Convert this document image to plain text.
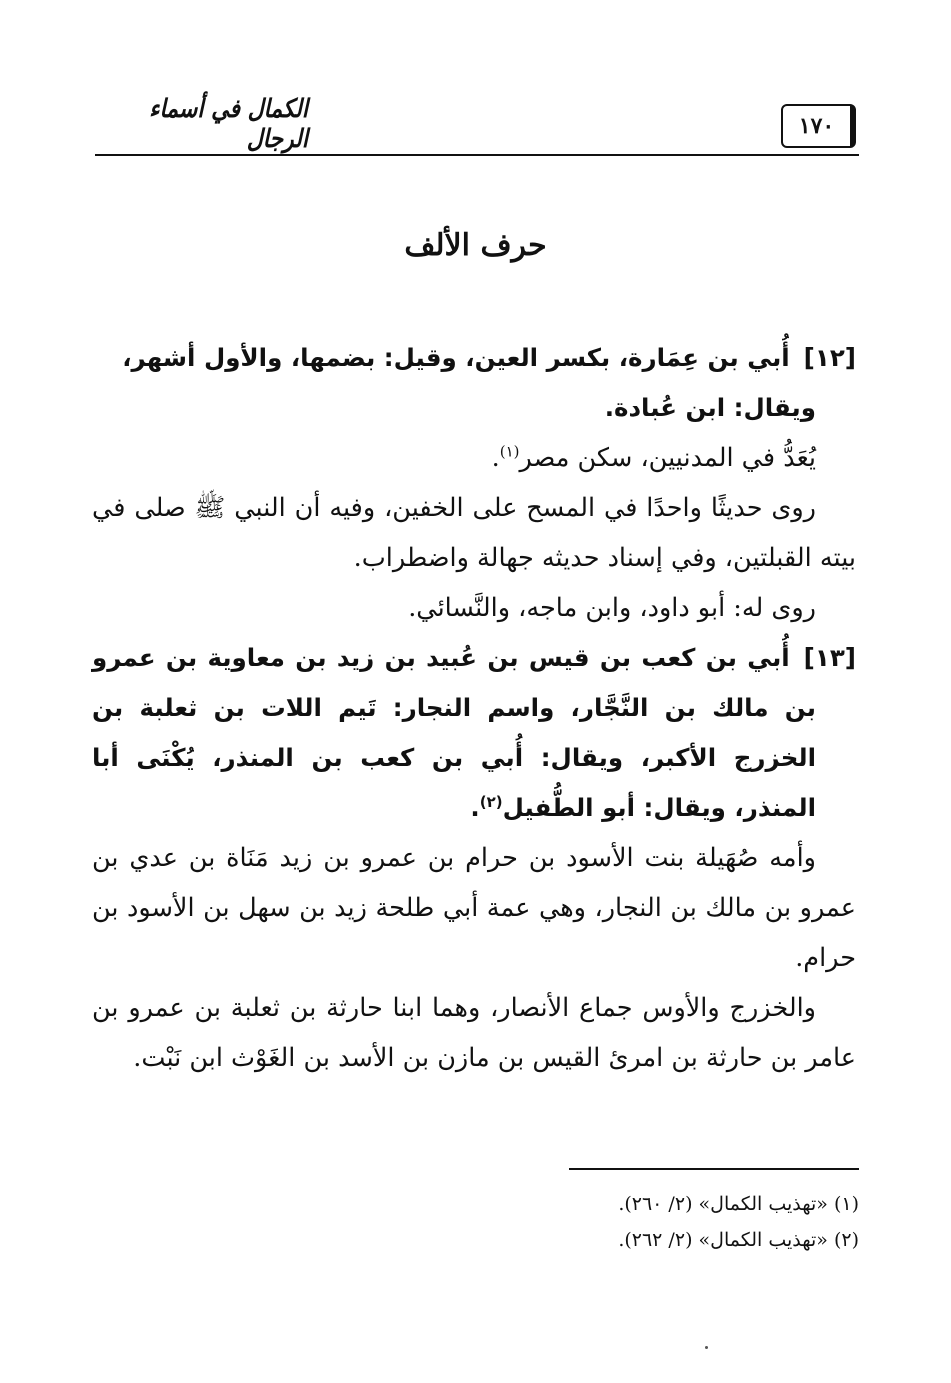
١٧٠
الكمال في أسماء الرجال
حرف الألف
[١٢]أُبي بن عِمَارة، بكسر العين، وقيل: بضمها، والأول أشهر،
ويقال: ابن عُبادة.
يُعَدُّ في المدنيين، سكن مصر$^{(١)}$.
روى حديثًا واحدًا في المسح على الخفين، وفيه أن النبي ﷺ صلى في بيته القبلتين، وفي إسناد حديثه جهالة واضطراب.
روى له: أبو داود، وابن ماجه، والنَّسائي.
[١٣]أُبي بن كعب بن قيس بن عُبيد بن زيد بن معاوية بن عمرو بن مالك بن النَّجَّار، واسم النجار: تَيم اللات بن ثعلبة بن الخزرج الأكبر، ويقال: أُبي بن كعب بن المنذر، يُكْنَى أبا المنذر، ويقال: أبو الطُّفيل$^{(٢)}$.
وأمه صُهَيلة بنت الأسود بن حرام بن عمرو بن زيد مَنَاة بن عدي بن عمرو بن مالك بن النجار، وهي عمة أبي طلحة زيد بن سهل بن الأسود بن حرام.
والخزرج والأوس جماع الأنصار، وهما ابنا حارثة بن ثعلبة بن عمرو بن عامر بن حارثة بن امرئ القيس بن مازن بن الأسد بن الغَوْث ابن نَبْت.
(١) «تهذيب الكمال» (٢/ ٢٦٠).
(٢) «تهذيب الكمال» (٢/ ٢٦٢).
